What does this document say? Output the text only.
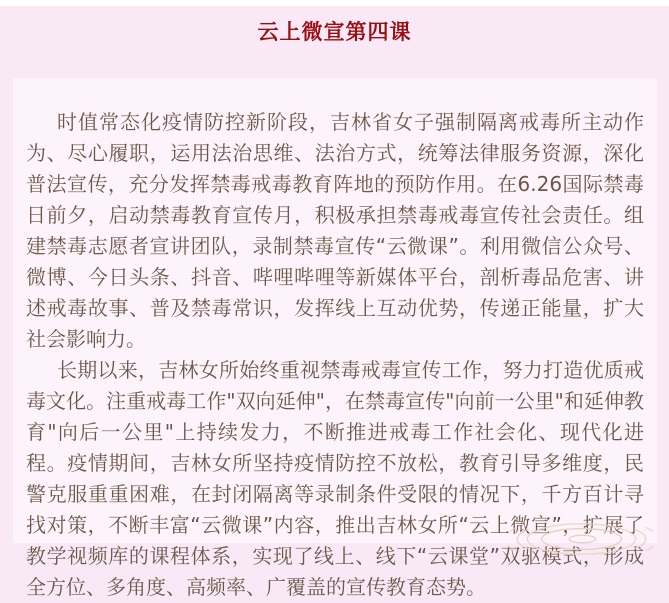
云上微宣第四课

时值常态化疫情防控新阶段，吉林省女子强制隔离戒毒所主动作为、尽心履职，运用法治思维、法治方式，统筹法律服务资源，深化普法宣传，充分发挥禁毒戒毒教育阵地的预防作用。在6.26国际禁毒日前夕，启动禁毒教育宣传月，积极承担禁毒戒毒宣传社会责任。组建禁毒志愿者宣讲团队，录制禁毒宣传“云微课”。利用微信公众号、微博、今日头条、抖音、哔哩哔哩等新媒体平台，剖析毒品危害、讲述戒毒故事、普及禁毒常识，发挥线上互动优势，传递正能量，扩大社会影响力。

长期以来，吉林女所始终重视禁毒戒毒宣传工作，努力打造优质戒毒文化。注重戒毒工作"双向延伸"，在禁毒宣传"向前一公里"和延伸教育"向后一公里"上持续发力，不断推进戒毒工作社会化、现代化进程。疫情期间，吉林女所坚持疫情防控不放松，教育引导多维度，民警克服重重困难，在封闭隔离等录制条件受限的情况下，千方百计寻找对策，不断丰富“云微课”内容，推出吉林女所“云上微宣”，扩展了教学视频库的课程体系，实现了线上、线下“云课堂”双驱模式，形成全方位、多角度、高频率、广覆盖的宣传教育态势。
